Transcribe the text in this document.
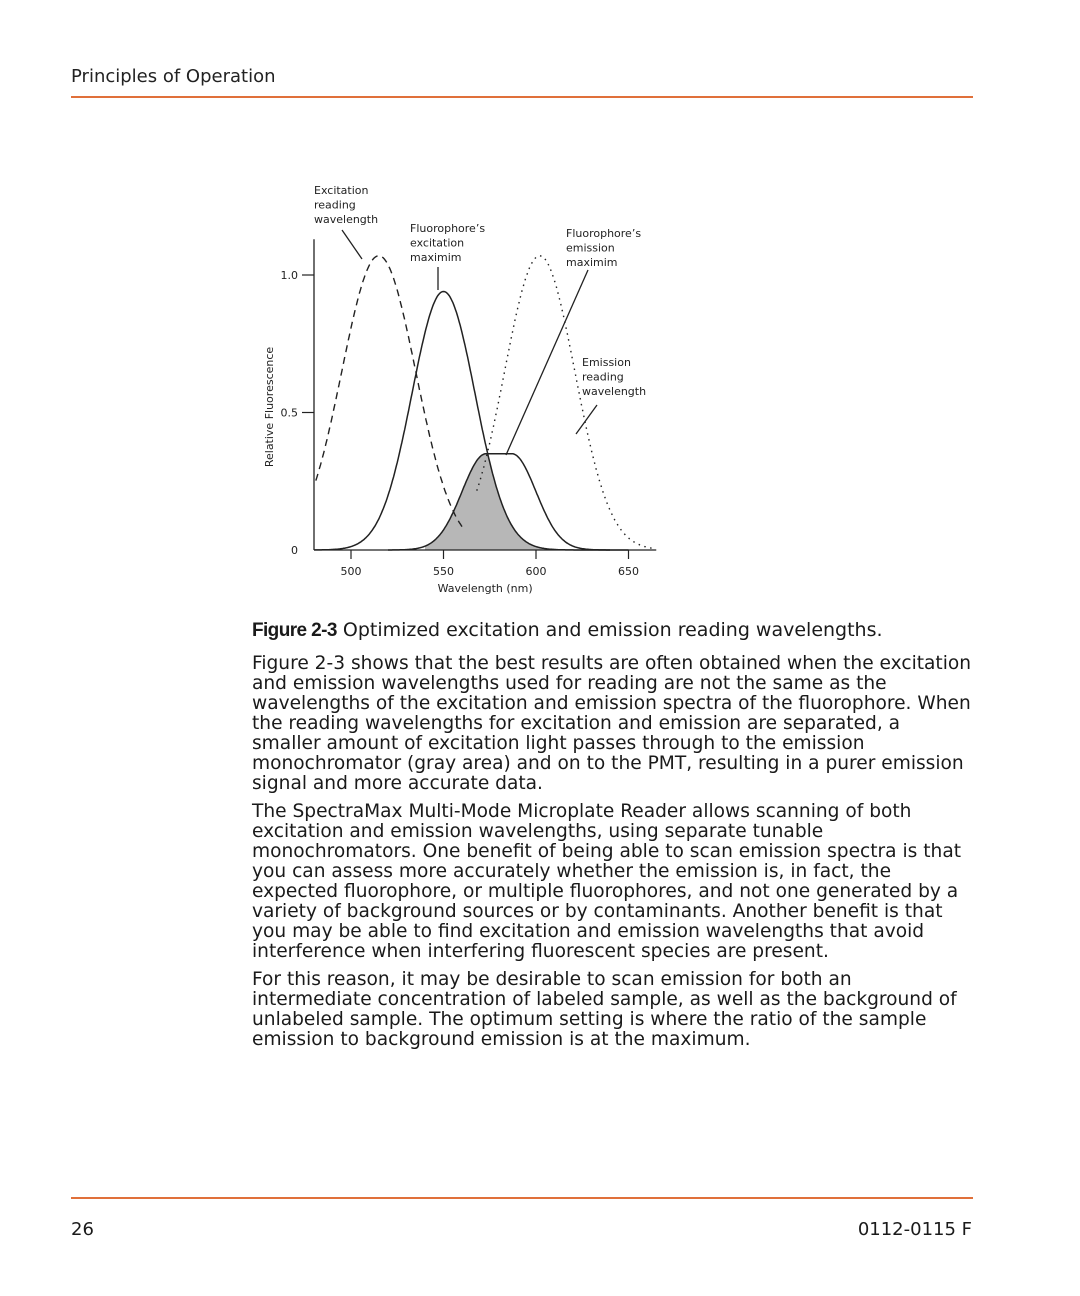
Principles of Operation
500	550	600	650
0
0.5
1.0
Wavelength (nm)
Relative Fluorescence
Excitation
reading
wavelength
Fluorophore’s
excitation
maximim
Fluorophore’s
emission
maximim
Emission
reading
wavelength
Figure 2-3 Optimized excitation and emission reading wavelengths.

Figure 2-3 shows that the best results are often obtained when the excitation and emission wavelengths used for reading are not the same as the wavelengths of the excitation and emission spectra of the fluorophore. When the reading wavelengths for excitation and emission are separated, a smaller amount of excitation light passes through to the emission monochromator (gray area) and on to the PMT, resulting in a purer emission signal and more accurate data.

The SpectraMax Multi-Mode Microplate Reader allows scanning of both excitation and emission wavelengths, using separate tunable monochromators. One benefit of being able to scan emission spectra is that you can assess more accurately whether the emission is, in fact, the expected fluorophore, or multiple fluorophores, and not one generated by a variety of background sources or by contaminants. Another benefit is that you may be able to find excitation and emission wavelengths that avoid interference when interfering fluorescent species are present.

For this reason, it may be desirable to scan emission for both an intermediate concentration of labeled sample, as well as the background of unlabeled sample. The optimum setting is where the ratio of the sample emission to background emission is at the maximum.

26	0112-0115 F
